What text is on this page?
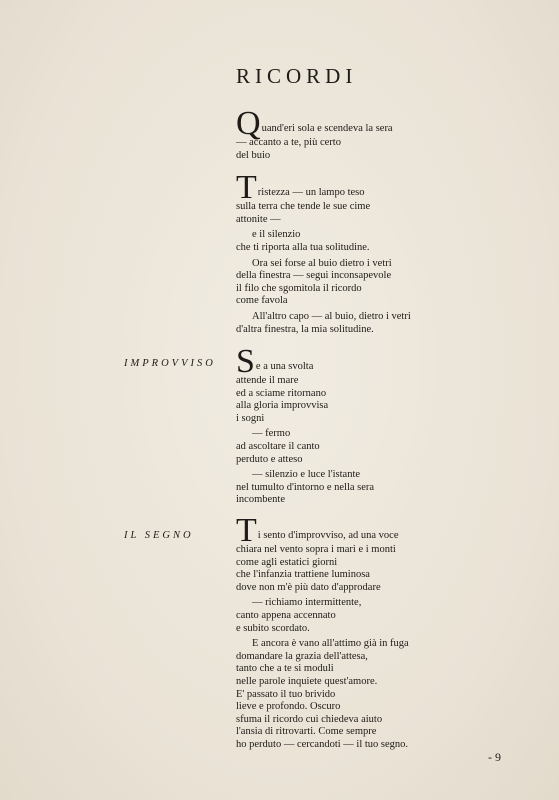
RICORDI
Q uand'eri sola e scendeva la sera
— accanto a te, più certo
del buio
T ristezza — un lampo teso
sulla terra che tende le sue cime
attonite —
e il silenzio
che ti riporta alla tua solitudine.
Ora sei forse al buio dietro i vetri
della finestra — segui inconsapevole
il filo che sgomitola il ricordo
come favola
All'altro capo — al buio, dietro i vetri
d'altra finestra, la mia solitudine.
IMPROVVISO S e a una svolta
attende il mare
ed a sciame ritornano
alla gloria improvvisa
i sogni
— fermo
ad ascoltare il canto
perduto e atteso
— silenzio e luce l'istante
nel tumulto d'intorno e nella sera
incombente
IL SEGNO T i sento d'improvviso, ad una voce
chiara nel vento sopra i mari e i monti
come agli estatici giorni
che l'infanzia trattiene luminosa
dove non m'è più dato d'approdare
— richiamo intermittente,
canto appena accennato
e subito scordato.
E ancora è vano all'attimo già in fuga
domandare la grazia dell'attesa,
tanto che a te si moduli
nelle parole inquiete quest'amore.
E' passato il tuo brivido
lieve e profondo. Oscuro
sfuma il ricordo cui chiedeva aiuto
l'ansia di ritrovarti. Come sempre
ho perduto — cercandoti — il tuo segno.
- 9
